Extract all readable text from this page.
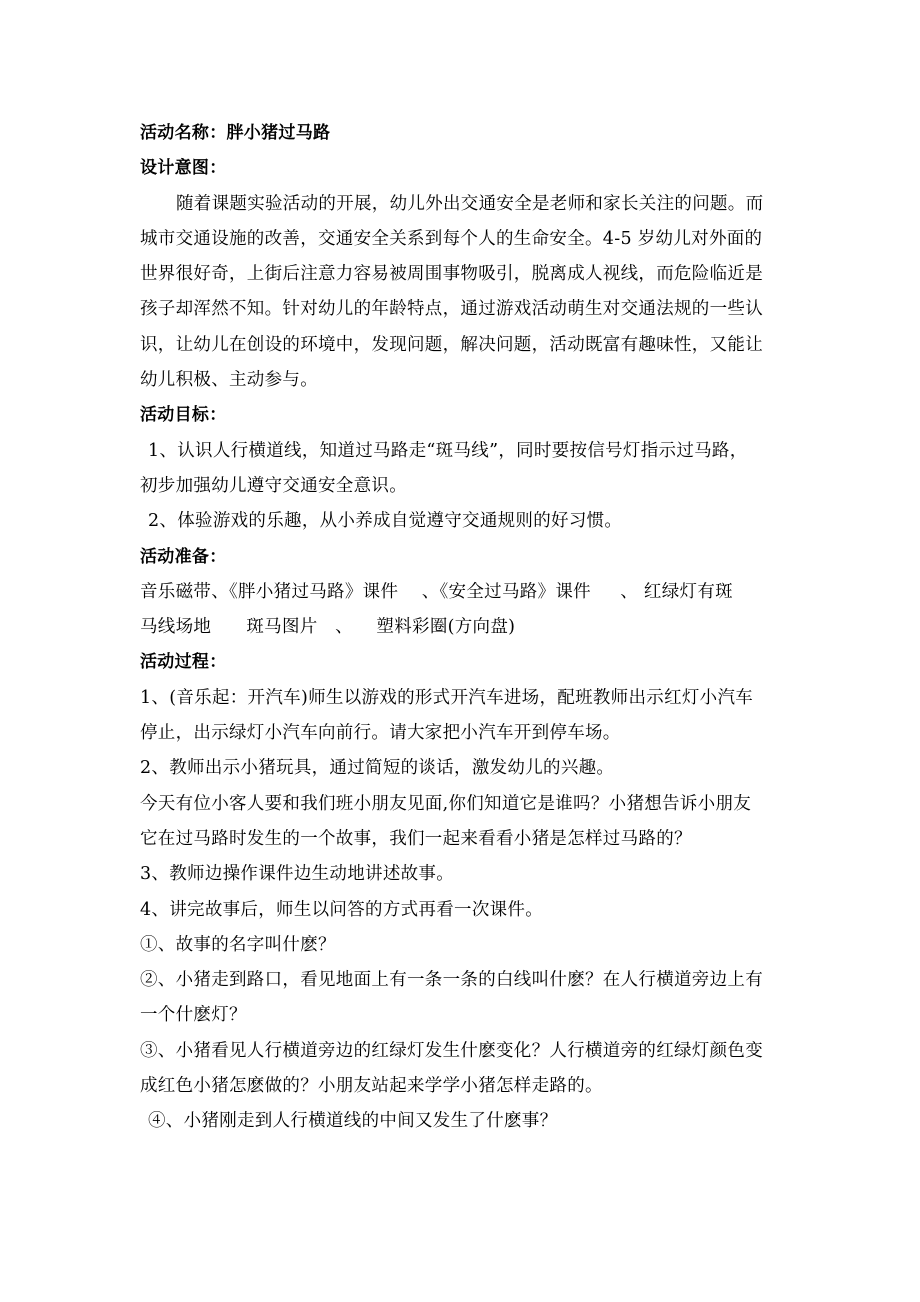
活动名称：胖小猪过马路
设计意图：
随着课题实验活动的开展，幼儿外出交通安全是老师和家长关注的问题。而
城市交通设施的改善，交通安全关系到每个人的生命安全。4-5 岁幼儿对外面的
世界很好奇，上街后注意力容易被周围事物吸引，脱离成人视线，而危险临近是
孩子却浑然不知。针对幼儿的年龄特点，通过游戏活动萌生对交通法规的一些认
识，让幼儿在创设的环境中，发现问题，解决问题，活动既富有趣味性，又能让
幼儿积极、主动参与。
活动目标：
1、认识人行横道线，知道过马路走“斑马线”，同时要按信号灯指示过马路，
初步加强幼儿遵守交通安全意识。
2、体验游戏的乐趣，从小养成自觉遵守交通规则的好习惯。
活动准备：
音乐磁带、《胖小猪过马路》课件    、《安全过马路》课件     、 红绿灯有斑
马线场地      斑马图片   、    塑料彩圈(方向盘)
活动过程：
1、(音乐起：开汽车)师生以游戏的形式开汽车进场，配班教师出示红灯小汽车
停止，出示绿灯小汽车向前行。请大家把小汽车开到停车场。
2、教师出示小猪玩具，通过简短的谈话，激发幼儿的兴趣。
今天有位小客人要和我们班小朋友见面,你们知道它是谁吗？小猪想告诉小朋友
它在过马路时发生的一个故事，我们一起来看看小猪是怎样过马路的？
3、教师边操作课件边生动地讲述故事。
4、讲完故事后，师生以问答的方式再看一次课件。
①、故事的名字叫什麽？
②、小猪走到路口，看见地面上有一条一条的白线叫什麽？在人行横道旁边上有
一个什麽灯？
③、小猪看见人行横道旁边的红绿灯发生什麽变化？人行横道旁的红绿灯颜色变
成红色小猪怎麽做的？小朋友站起来学学小猪怎样走路的。
④、小猪刚走到人行横道线的中间又发生了什麽事？
